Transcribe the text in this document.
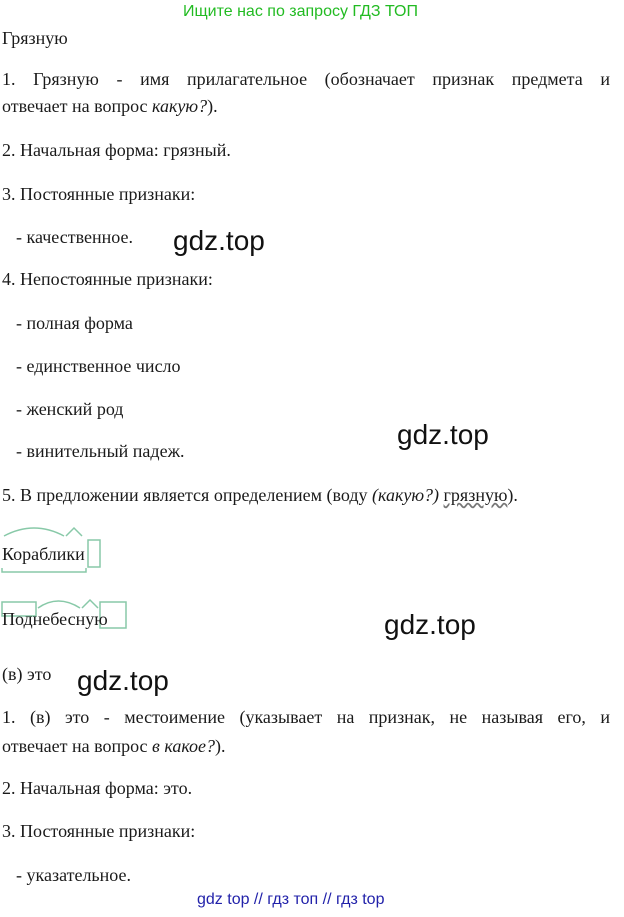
Ищите нас по запросу ГДЗ ТОП
Грязную
1. Грязную - имя прилагательное (обозначает признак предмета и
отвечает на вопрос какую?).
2. Начальная форма: грязный.
3. Постоянные признаки:
- качественное.
4. Непостоянные признаки:
- полная форма
- единственное число
- женский род
- винительный падеж.
5. В предложении является определением (воду (какую?) грязную).
Кораблики
Поднебесную
(в) это
1. (в) это - местоимение (указывает на признак, не называя его, и
отвечает на вопрос в какое?).
2. Начальная форма: это.
3. Постоянные признаки:
- указательное.
gdz.top
gdz.top
gdz.top
gdz.top
gdz top // гдз топ // гдз top
